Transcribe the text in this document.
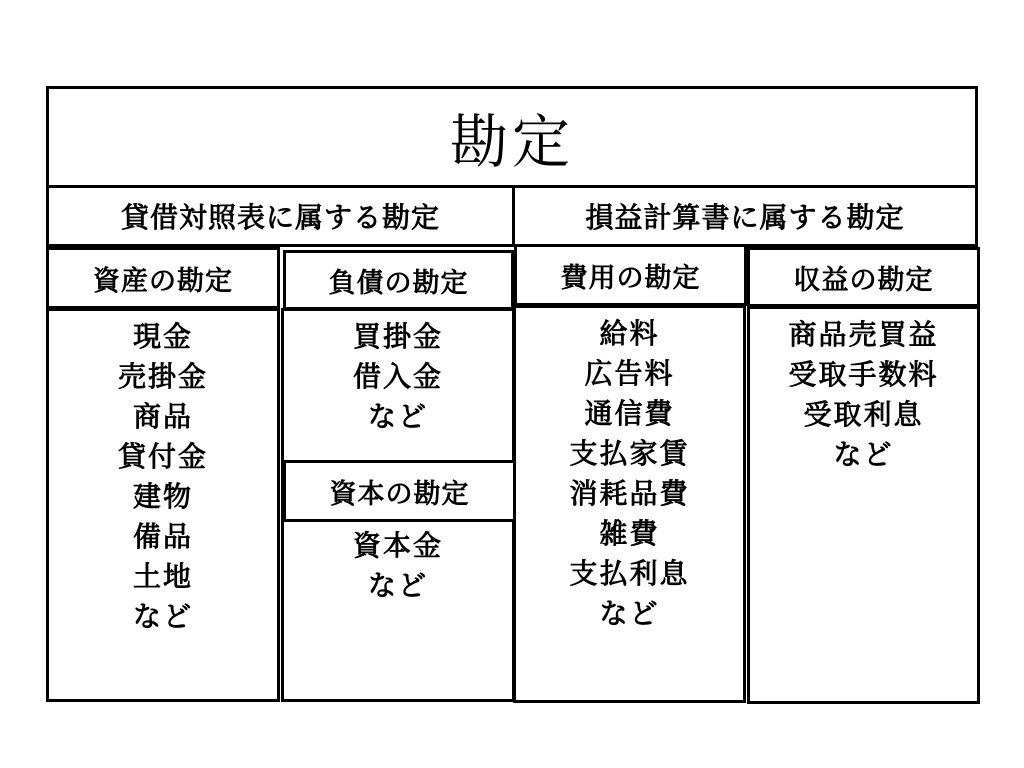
勘定
貸借対照表に属する勘定	損益計算書に属する勘定
資産の勘定
現金
売掛金
商品
貸付金
建物
備品
土地
など
負債の勘定
買掛金
借入金
など
資本の勘定
資本金
など
費用の勘定
給料
広告料
通信費
支払家賃
消耗品費
雑費
支払利息
など
収益の勘定
商品売買益
受取手数料
受取利息
など
